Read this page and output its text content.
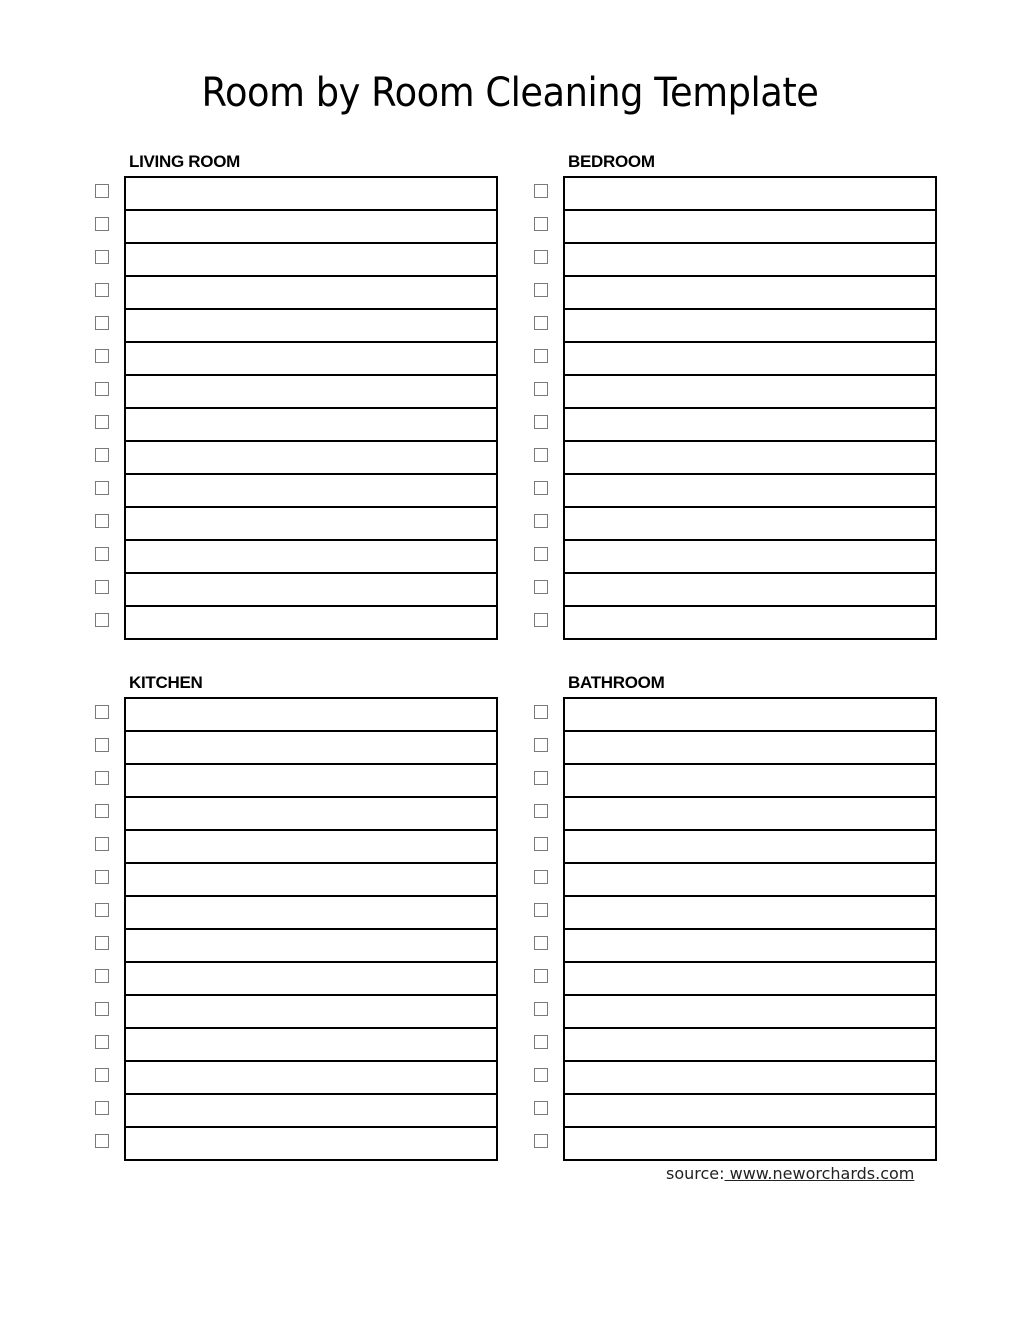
Room by Room Cleaning Template
LIVING ROOM	BEDROOM
KITCHEN	BATHROOM
source: www.neworchards.com
